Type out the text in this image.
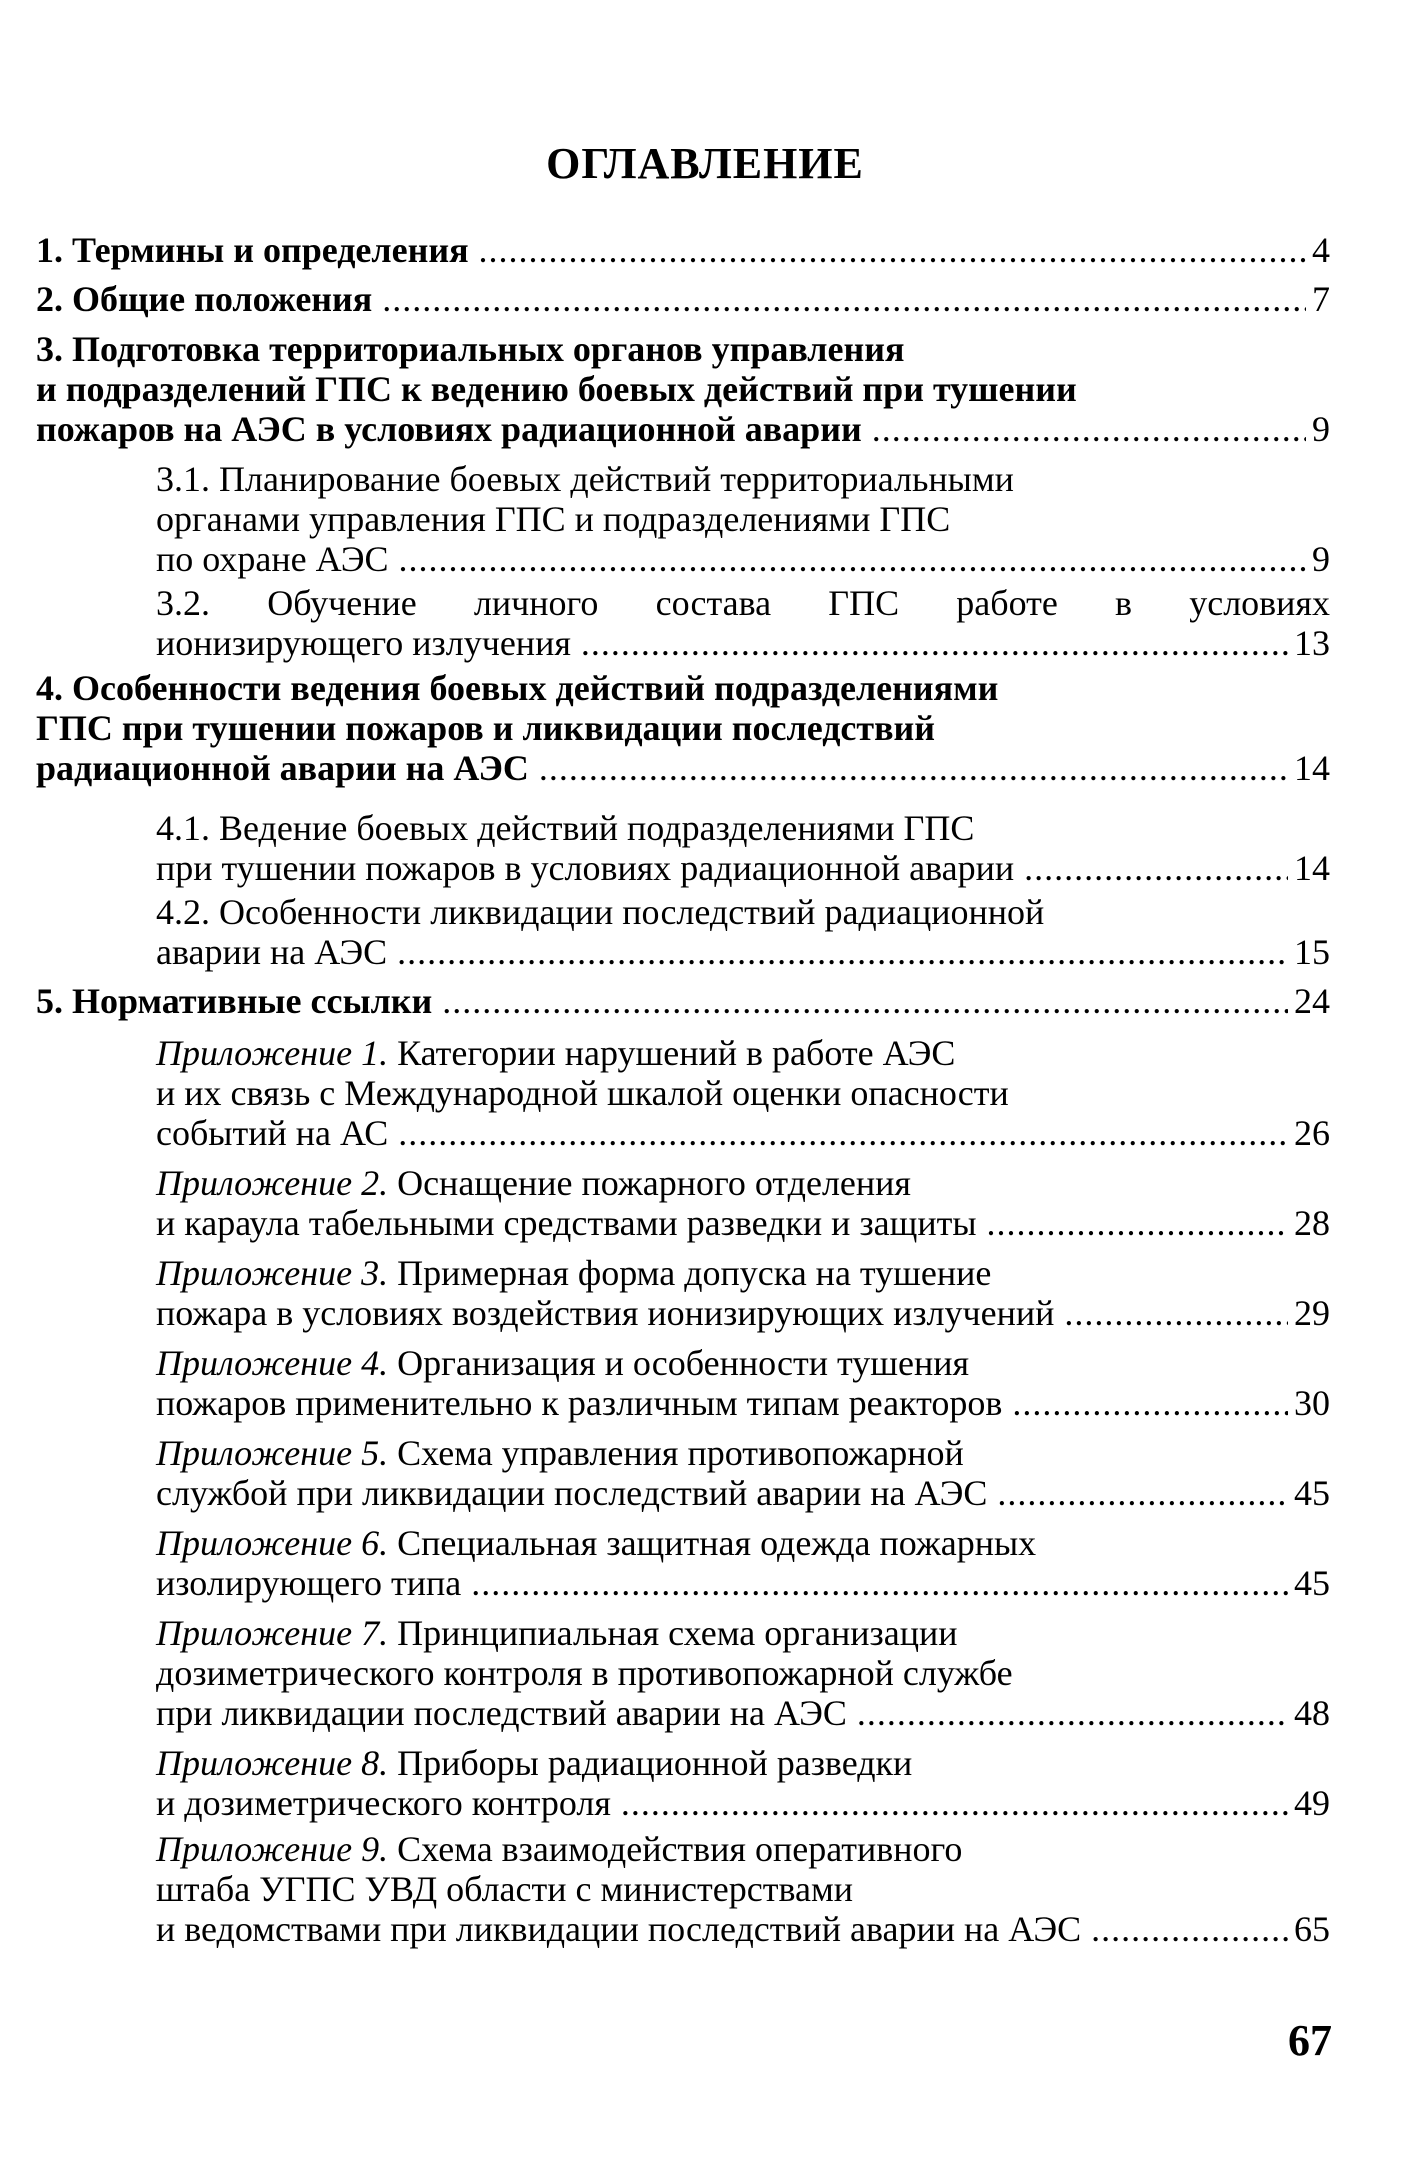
ОГЛАВЛЕНИЕ
1. Термины и определения .....	4
2. Общие положения .....	7
3. Подготовка территориальных органов управления
и подразделений ГПС к ведению боевых действий при тушении
пожаров на АЭС в условиях радиационной аварии .....	9
3.1. Планирование боевых действий территориальными
органами управления ГПС и подразделениями ГПС
по охране АЭС .....	9
3.2. Обучение личного состава ГПС работе в условиях
ионизирующего излучения .....	13
4. Особенности ведения боевых действий подразделениями
ГПС при тушении пожаров и ликвидации последствий
радиационной аварии на АЭС .....	14
4.1. Ведение боевых действий подразделениями ГПС
при тушении пожаров в условиях радиационной аварии .....	14
4.2. Особенности ликвидации последствий радиационной
аварии на АЭС .....	15
5. Нормативные ссылки .....	24
Приложение 1. Категории нарушений в работе АЭС
и их связь с Международной шкалой оценки опасности
событий на АС .....	26
Приложение 2. Оснащение пожарного отделения
и караула табельными средствами разведки и защиты .....	28
Приложение 3. Примерная форма допуска на тушение
пожара в условиях воздействия ионизирующих излучений .....	29
Приложение 4. Организация и особенности тушения
пожаров применительно к различным типам реакторов .....	30
Приложение 5. Схема управления противопожарной
службой при ликвидации последствий аварии на АЭС .....	45
Приложение 6. Специальная защитная одежда пожарных
изолирующего типа .....	45
Приложение 7. Принципиальная схема организации
дозиметрического контроля в противопожарной службе
при ликвидации последствий аварии на АЭС .....	48
Приложение 8. Приборы радиационной разведки
и дозиметрического контроля .....	49
Приложение 9. Схема взаимодействия оперативного
штаба УГПС УВД области с министерствами
и ведомствами при ликвидации последствий аварии на АЭС .....	65
67
